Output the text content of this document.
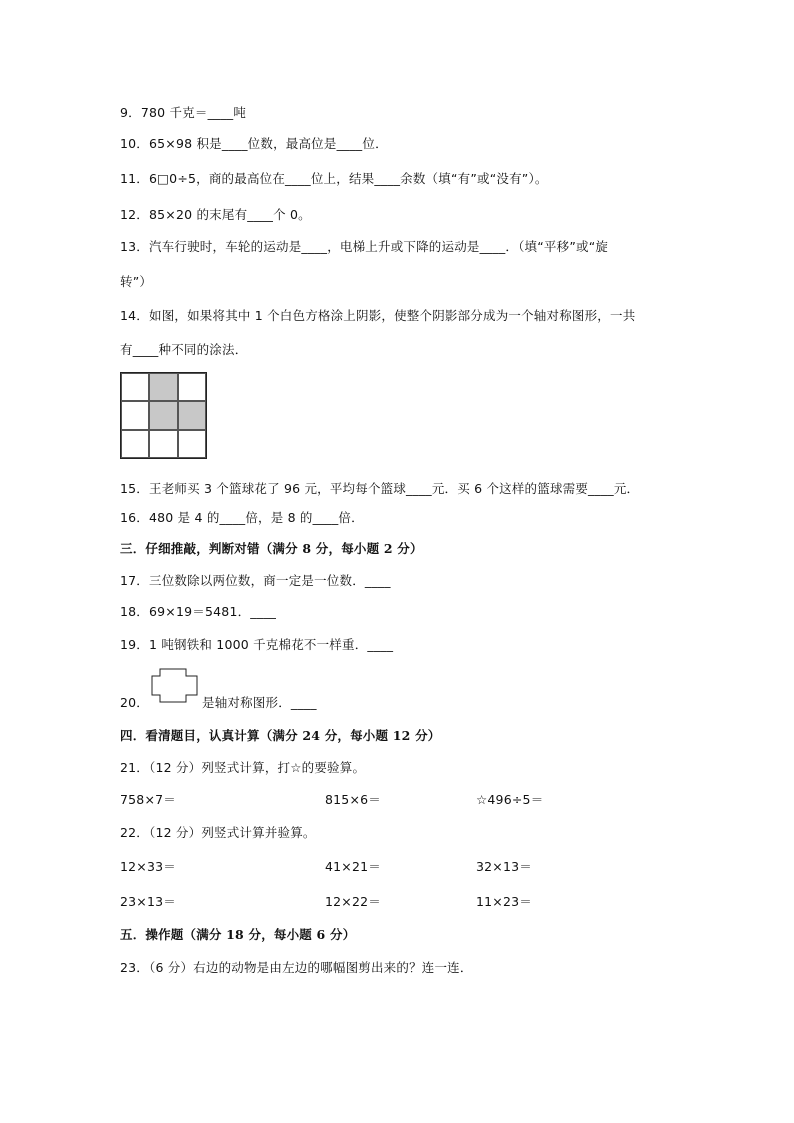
9．780 千克＝____吨
10．65×98 积是____位数，最高位是____位．
11．6□0÷5，商的最高位在____位上，结果____余数（填“有”或“没有”）。
12．85×20 的末尾有____个 0。
13．汽车行驶时，车轮的运动是____，电梯上升或下降的运动是____．（填“平移”或“旋
转”）
14．如图，如果将其中 1 个白色方格涂上阴影，使整个阴影部分成为一个轴对称图形，一共
有____种不同的涂法．
15．王老师买 3 个篮球花了 96 元，平均每个篮球____元．买 6 个这样的篮球需要____元．
16．480 是 4 的____倍，是 8 的____倍．
三．仔细推敲，判断对错（满分 8 分，每小题 2 分）
17．三位数除以两位数，商一定是一位数．____
18．69×19＝5481．____
19．1 吨钢铁和 1000 千克棉花不一样重．____
20．	是轴对称图形．____
四．看清题目，认真计算（满分 24 分，每小题 12 分）
21．（12 分）列竖式计算，打☆的要验算。
758×7＝	815×6＝	☆496÷5＝
22．（12 分）列竖式计算并验算。
12×33＝	41×21＝	32×13＝
23×13＝	12×22＝	11×23＝
五．操作题（满分 18 分，每小题 6 分）
23．（6 分）右边的动物是由左边的哪幅图剪出来的？连一连．
